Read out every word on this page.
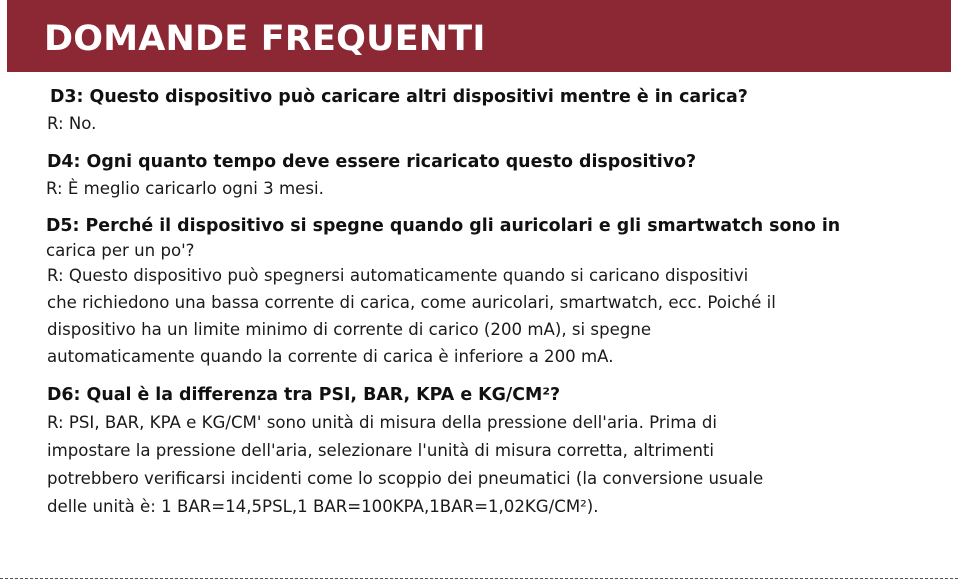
DOMANDE FREQUENTI

D3: Questo dispositivo può caricare altri dispositivi mentre è in carica?

R: No.

D4: Ogni quanto tempo deve essere ricaricato questo dispositivo?

R: È meglio caricarlo ogni 3 mesi.

D5: Perché il dispositivo si spegne quando gli auricolari e gli smartwatch sono in

carica per un po'?

R: Questo dispositivo può spegnersi automaticamente quando si caricano dispositivi

che richiedono una bassa corrente di carica, come auricolari, smartwatch, ecc. Poiché il

dispositivo ha un limite minimo di corrente di carico (200 mA), si spegne

automaticamente quando la corrente di carica è inferiore a 200 mA.

D6: Qual è la differenza tra PSI, BAR, KPA e KG/CM²?

R: PSI, BAR, KPA e KG/CM' sono unità di misura della pressione dell'aria. Prima di

impostare la pressione dell'aria, selezionare l'unità di misura corretta, altrimenti

potrebbero verificarsi incidenti come lo scoppio dei pneumatici (la conversione usuale

delle unità è: 1 BAR=14,5PSL,1 BAR=100KPA,1BAR=1,02KG/CM²).
